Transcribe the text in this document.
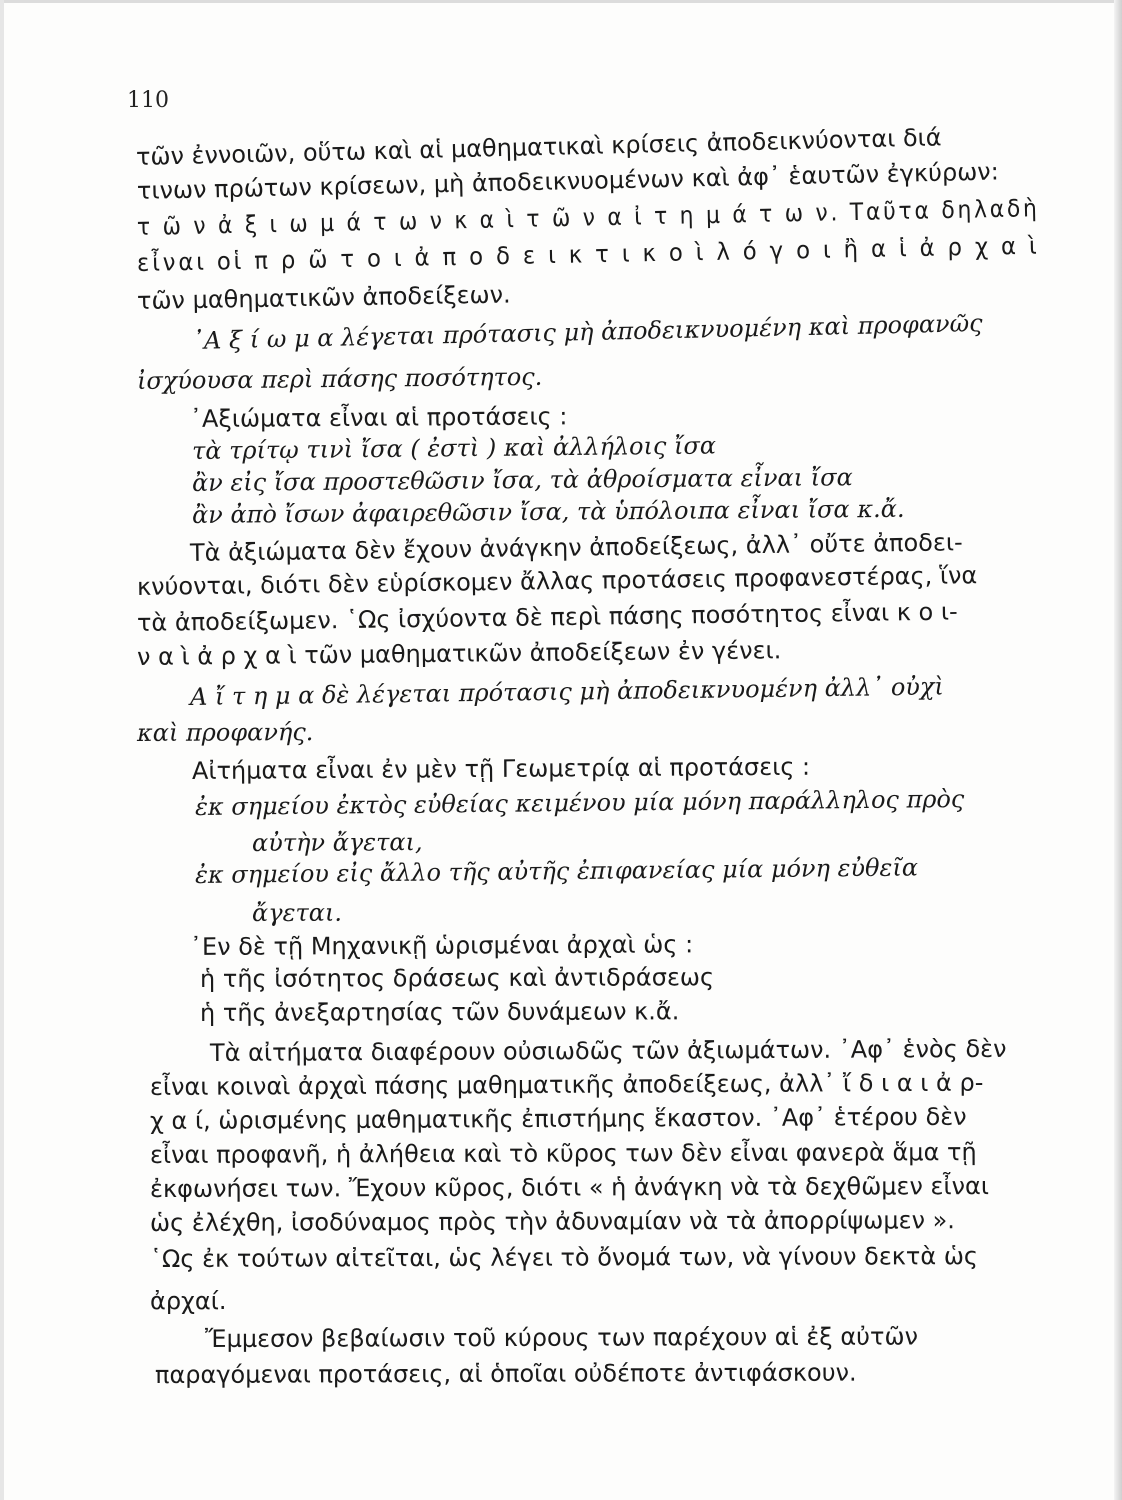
110
τῶν ἐννοιῶν, οὕτω καὶ αἱ μαθηματικαὶ κρίσεις ἀποδεικνύονται διά
τινων πρώτων κρίσεων, μὴ ἀποδεικνυομένων καὶ ἀφ᾽ ἑαυτῶν ἐγκύρων:
τ ῶ ν ἀ ξ ι ω μ ά τ ω ν κ α ὶ τ ῶ ν α ἰ τ η μ ά τ ω ν. Ταῦτα δηλαδὴ
εἶναι οἱ π ρ ῶ τ ο ι ἀ π ο δ ε ι κ τ ι κ ο ὶ λ ό γ ο ι ἢ α ἱ ἀ ρ χ α ὶ
τῶν μαθηματικῶν ἀποδείξεων.
᾿Α ξ ί ω μ α λέγεται πρότασις μὴ ἀποδεικνυομένη καὶ προφανῶς
ἰσχύουσα περὶ πάσης ποσότητος.
᾿Αξιώματα εἶναι αἱ προτάσεις :
τὰ τρίτῳ τινὶ ἴσα ( ἐστὶ ) καὶ ἀλλήλοις ἴσα
ἂν εἰς ἴσα προστεθῶσιν ἴσα, τὰ ἀθροίσματα εἶναι ἴσα
ἂν ἀπὸ ἴσων ἀφαιρεθῶσιν ἴσα, τὰ ὑπόλοιπα εἶναι ἴσα κ.ἄ.
Τὰ ἀξιώματα δὲν ἔχουν ἀνάγκην ἀποδείξεως, ἀλλ᾽ οὔτε ἀποδει-
κνύονται, διότι δὲν εὑρίσκομεν ἄλλας προτάσεις προφανεστέρας, ἵνα
τὰ ἀποδείξωμεν. ῾Ως ἰσχύοντα δὲ περὶ πάσης ποσότητος εἶναι κ ο ι-
ν α ὶ ἀ ρ χ α ὶ τῶν μαθηματικῶν ἀποδείξεων ἐν γένει.
Α ἴ τ η μ α δὲ λέγεται πρότασις μὴ ἀποδεικνυομένη ἀλλ᾽ οὐχὶ
καὶ προφανής.
Αἰτήματα εἶναι ἐν μὲν τῇ Γεωμετρίᾳ αἱ προτάσεις :
ἐκ σημείου ἐκτὸς εὐθείας κειμένου μία μόνη παράλληλος πρὸς
αὐτὴν ἄγεται,
ἐκ σημείου εἰς ἄλλο τῆς αὐτῆς ἐπιφανείας μία μόνη εὐθεῖα
ἄγεται.
᾿Εν δὲ τῇ Μηχανικῇ ὡρισμέναι ἀρχαὶ ὡς :
ἡ τῆς ἰσότητος δράσεως καὶ ἀντιδράσεως
ἡ τῆς ἀνεξαρτησίας τῶν δυνάμεων κ.ἄ.
Τὰ αἰτήματα διαφέρουν οὐσιωδῶς τῶν ἀξιωμάτων. ᾿Αφ᾽ ἑνὸς δὲν
εἶναι κοιναὶ ἀρχαὶ πάσης μαθηματικῆς ἀποδείξεως, ἀλλ᾽ ἴ δ ι α ι ἀ ρ-
χ α ί, ὡρισμένης μαθηματικῆς ἐπιστήμης ἕκαστον. ᾿Αφ᾽ ἑτέρου δὲν
εἶναι προφανῆ, ἡ ἀλήθεια καὶ τὸ κῦρος των δὲν εἶναι φανερὰ ἅμα τῇ
ἐκφωνήσει των. Ἔχουν κῦρος, διότι « ἡ ἀνάγκη νὰ τὰ δεχθῶμεν εἶναι
ὡς ἐλέχθη, ἰσοδύναμος πρὸς τὴν ἀδυναμίαν νὰ τὰ ἀπορρίψωμεν ».
῾Ως ἐκ τούτων αἰτεῖται, ὡς λέγει τὸ ὄνομά των, νὰ γίνουν δεκτὰ ὡς
ἀρχαί.
Ἔμμεσον βεβαίωσιν τοῦ κύρους των παρέχουν αἱ ἐξ αὐτῶν
παραγόμεναι προτάσεις, αἱ ὁποῖαι οὐδέποτε ἀντιφάσκουν.
